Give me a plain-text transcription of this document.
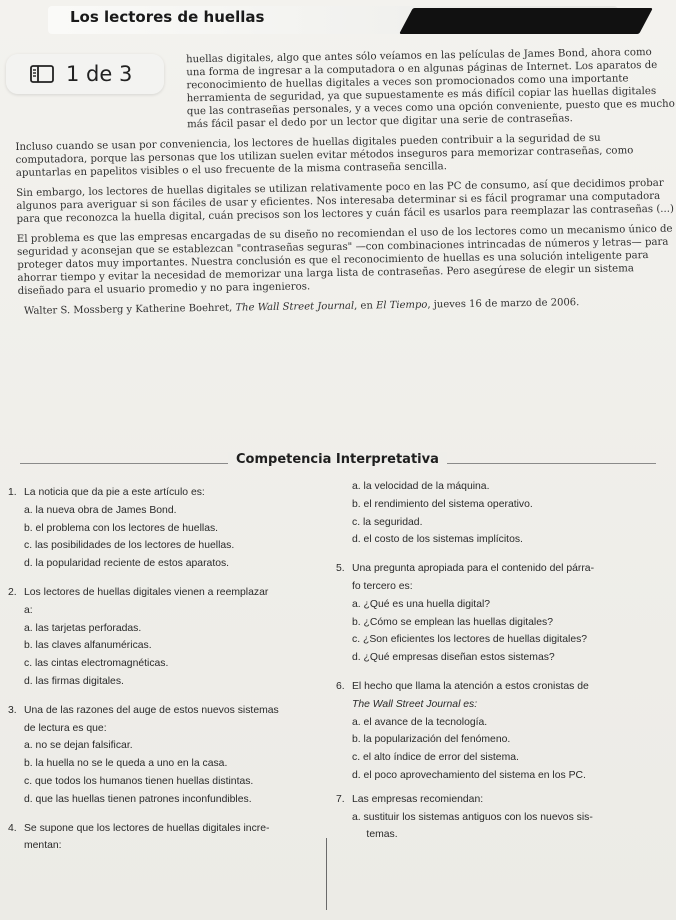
Los lectores de huellas

huellas digitales, algo que antes sólo veíamos en las películas de James Bond, ahora como una forma de ingresar a la computadora o en algunas páginas de Internet. Los aparatos de reconocimiento de huellas digitales a veces son promocionados como una importante herramienta de seguridad, ya que supuestamente es más difícil copiar las huellas digitales que las contraseñas personales, y a veces como una opción conveniente, puesto que es mucho más fácil pasar el dedo por un lector que digitar una serie de contraseñas.

Incluso cuando se usan por conveniencia, los lectores de huellas digitales pueden contribuir a la seguridad de su computadora, porque las personas que los utilizan suelen evitar métodos inseguros para memorizar contraseñas, como apuntarlas en papelitos visibles o el uso frecuente de la misma contraseña sencilla.

Sin embargo, los lectores de huellas digitales se utilizan relativamente poco en las PC de consumo, así que decidimos probar algunos para averiguar si son fáciles de usar y eficientes. Nos interesaba determinar si es fácil programar una computadora para que reconozca la huella digital, cuán precisos son los lectores y cuán fácil es usarlos para reemplazar las contraseñas (...)

El problema es que las empresas encargadas de su diseño no recomiendan el uso de los lectores como un mecanismo único de seguridad y aconsejan que se establezcan "contraseñas seguras" —con combinaciones intrincadas de números y letras— para proteger datos muy importantes. Nuestra conclusión es que el reconocimiento de huellas es una solución inteligente para ahorrar tiempo y evitar la necesidad de memorizar una larga lista de contraseñas. Pero asegúrese de elegir un sistema diseñado para el usuario promedio y no para ingenieros.

Walter S. Mossberg y Katherine Boehret, The Wall Street Journal, en El Tiempo, jueves 16 de marzo de 2006.

1 de 3
Competencia Interpretativa
1. La noticia que da pie a este artículo es:
a. la nueva obra de James Bond.
b. el problema con los lectores de huellas.
c. las posibilidades de los lectores de huellas.
d. la popularidad reciente de estos aparatos.
2. Los lectores de huellas digitales vienen a reemplazar
a:
a. las tarjetas perforadas.
b. las claves alfanuméricas.
c. las cintas electromagnéticas.
d. las firmas digitales.
3. Una de las razones del auge de estos nuevos sistemas
de lectura es que:
a. no se dejan falsificar.
b. la huella no se le queda a uno en la casa.
c. que todos los humanos tienen huellas distintas.
d. que las huellas tienen patrones inconfundibles.
4. Se supone que los lectores de huellas digitales incre-
mentan:
a. la velocidad de la máquina.
b. el rendimiento del sistema operativo.
c. la seguridad.
d. el costo de los sistemas implícitos.
5. Una pregunta apropiada para el contenido del párra-
fo tercero es:
a. ¿Qué es una huella digital?
b. ¿Cómo se emplean las huellas digitales?
c. ¿Son eficientes los lectores de huellas digitales?
d. ¿Qué empresas diseñan estos sistemas?
6. El hecho que llama la atención a estos cronistas de
The Wall Street Journal es:
a. el avance de la tecnología.
b. la popularización del fenómeno.
c. el alto índice de error del sistema.
d. el poco aprovechamiento del sistema en los PC.
7. Las empresas recomiendan:
a. sustituir los sistemas antiguos con los nuevos sis-
temas.
